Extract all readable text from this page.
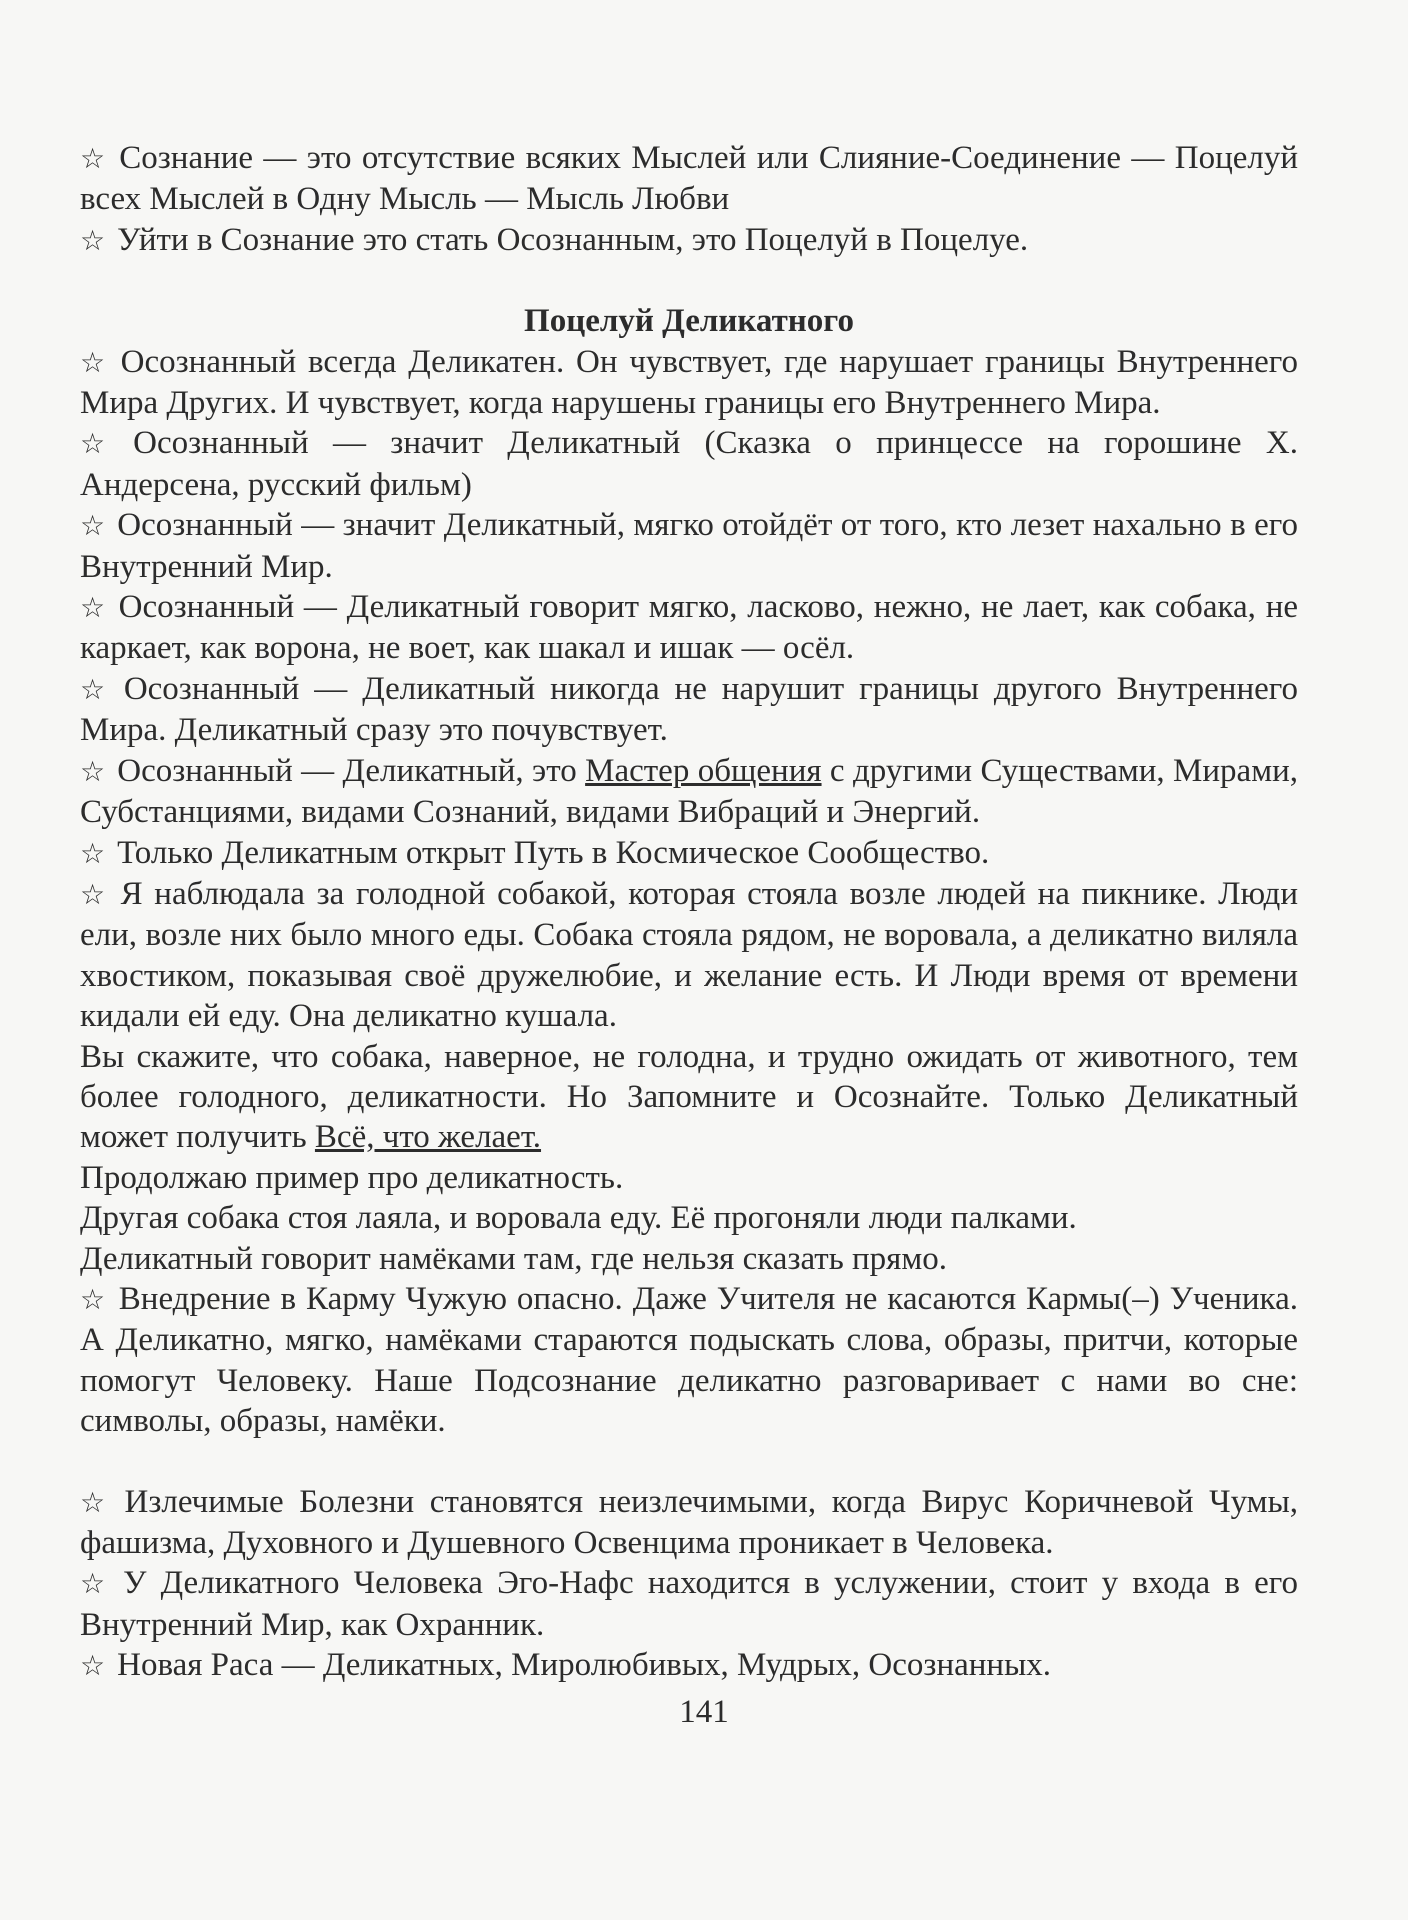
☆ Сознание — это отсутствие всяких Мыслей или Слияние-Соединение — Поцелуй всех Мыслей в Одну Мысль — Мысль Любви

☆ Уйти в Сознание это стать Осознанным, это Поцелуй в Поцелуе.

Поцелуй Деликатного

☆ Осознанный всегда Деликатен. Он чувствует, где нарушает границы Внутреннего Мира Других. И чувствует, когда нарушены границы его Внутреннего Мира.

☆ Осознанный — значит Деликатный (Сказка о принцессе на горошине Х. Андерсена, русский фильм)

☆ Осознанный — значит Деликатный, мягко отойдёт от того, кто лезет нахально в его Внутренний Мир.

☆ Осознанный — Деликатный говорит мягко, ласково, нежно, не лает, как собака, не каркает, как ворона, не воет, как шакал и ишак — осёл.

☆ Осознанный — Деликатный никогда не нарушит границы другого Внутреннего Мира. Деликатный сразу это почувствует.

☆ Осознанный — Деликатный, это Мастер общения с другими Существами, Мирами, Субстанциями, видами Сознаний, видами Вибраций и Энергий.

☆ Только Деликатным открыт Путь в Космическое Сообщество.

☆ Я наблюдала за голодной собакой, которая стояла возле людей на пикнике. Люди ели, возле них было много еды. Собака стояла рядом, не воровала, а деликатно виляла хвостиком, показывая своё дружелюбие, и желание есть. И Люди время от времени кидали ей еду. Она деликатно кушала.

Вы скажите, что собака, наверное, не голодна, и трудно ожидать от животного, тем более голодного, деликатности. Но Запомните и Осознайте. Только Деликатный может получить Всё, что желает.

Продолжаю пример про деликатность.

Другая собака стоя лаяла, и воровала еду. Её прогоняли люди палками.

Деликатный говорит намёками там, где нельзя сказать прямо.

☆ Внедрение в Карму Чужую опасно. Даже Учителя не касаются Кармы(–) Ученика. А Деликатно, мягко, намёками стараются подыскать слова, образы, притчи, которые помогут Человеку. Наше Подсознание деликатно разговаривает с нами во сне: символы, образы, намёки.

☆ Излечимые Болезни становятся неизлечимыми, когда Вирус Коричневой Чумы, фашизма, Духовного и Душевного Освенцима проникает в Человека.

☆ У Деликатного Человека Эго-Нафс находится в услужении, стоит у входа в его Внутренний Мир, как Охранник.

☆ Новая Раса — Деликатных, Миролюбивых, Мудрых, Осознанных.

141
